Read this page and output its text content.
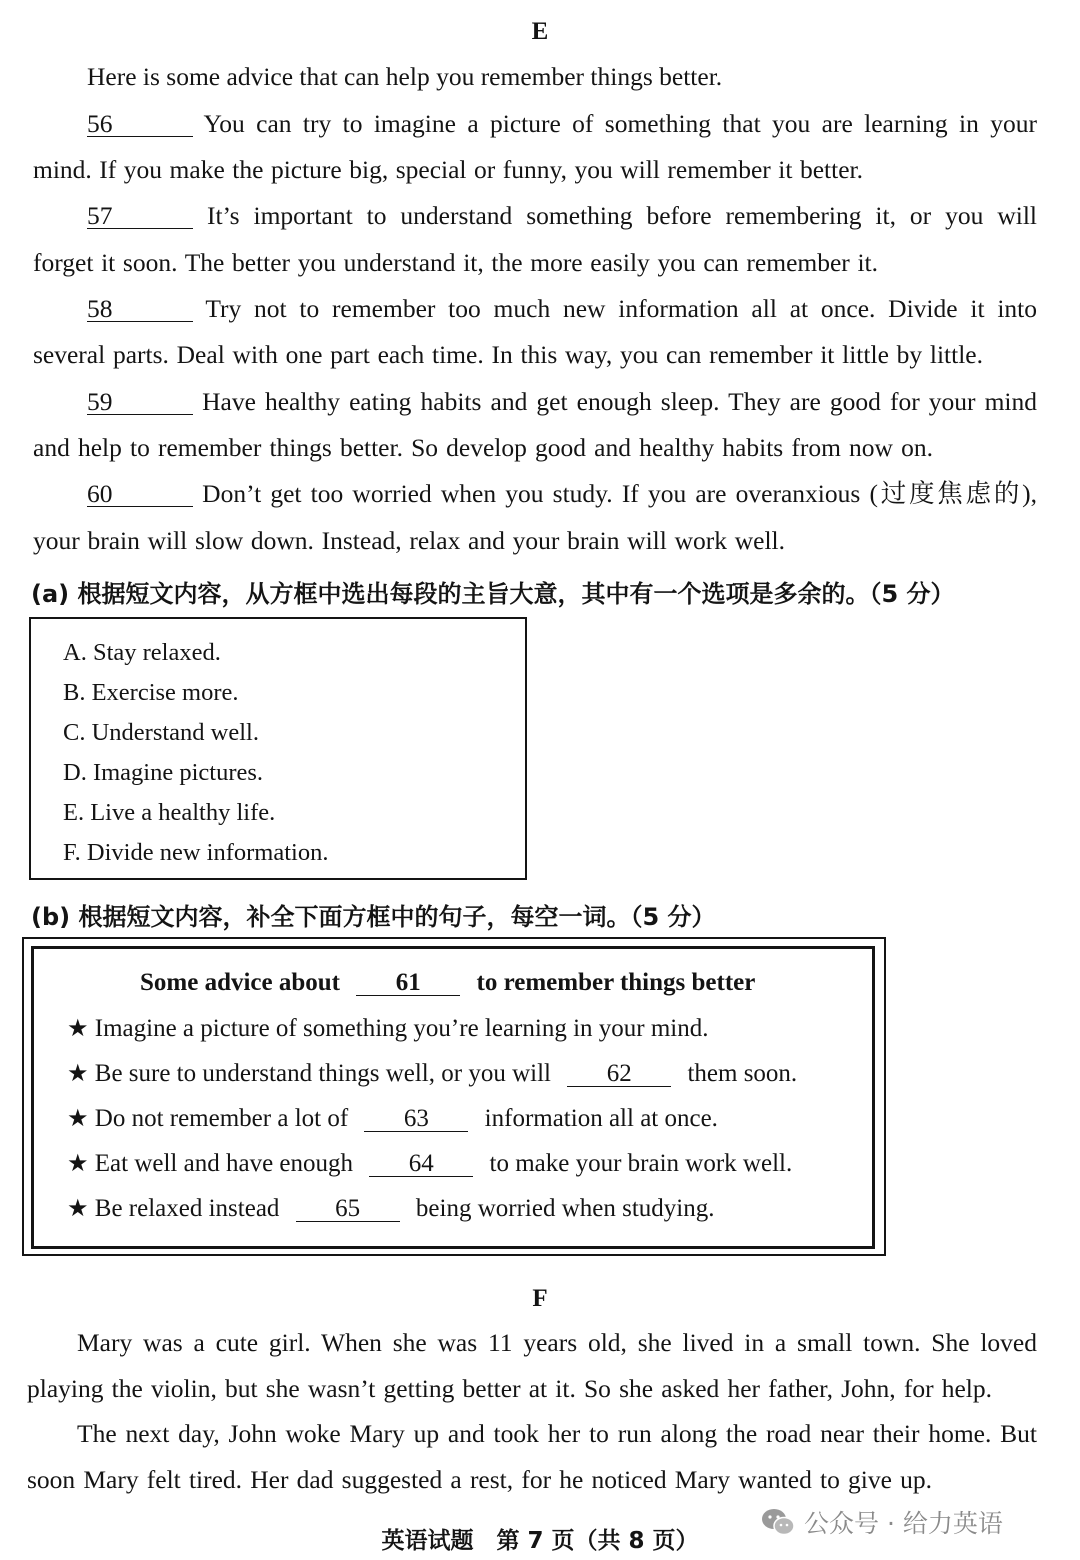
E
Here is some advice that can help you remember things better.
56	You can try to imagine a picture of something that you are learning in your
mind. If you make the picture big, special or funny, you will remember it better.
57	It’s important to understand something before remembering it, or you will
forget it soon. The better you understand it, the more easily you can remember it.
58	Try not to remember too much new information all at once. Divide it into
several parts. Deal with one part each time. In this way, you can remember it little by little.
59	Have healthy eating habits and get enough sleep. They are good for your mind
and help to remember things better. So develop good and healthy habits from now on.
60	Don’t get too worried when you study. If you are overanxious (过度焦虑的),
your brain will slow down. Instead, relax and your brain will work well.
(a) 根据短文内容，从方框中选出每段的主旨大意，其中有一个选项是多余的。（5 分）
A. Stay relaxed.
B. Exercise more.
C. Understand well.
D. Imagine pictures.
E. Live a healthy life.
F. Divide new information.
(b) 根据短文内容，补全下面方框中的句子，每空一词。（5 分）
Some advice about 61 to remember things better
★ Imagine a picture of something you’re learning in your mind.
★ Be sure to understand things well, or you will 62 them soon.
★ Do not remember a lot of 63 information all at once.
★ Eat well and have enough 64 to make your brain work well.
★ Be relaxed instead 65 being worried when studying.
F
Mary was a cute girl. When she was 11 years old, she lived in a small town. She loved
playing the violin, but she wasn’t getting better at it. So she asked her father, John, for help.
The next day, John woke Mary up and took her to run along the road near their home. But
soon Mary felt tired. Her dad suggested a rest, for he noticed Mary wanted to give up.
英语试题　第 7 页（共 8 页）
公众号 · 给力英语
